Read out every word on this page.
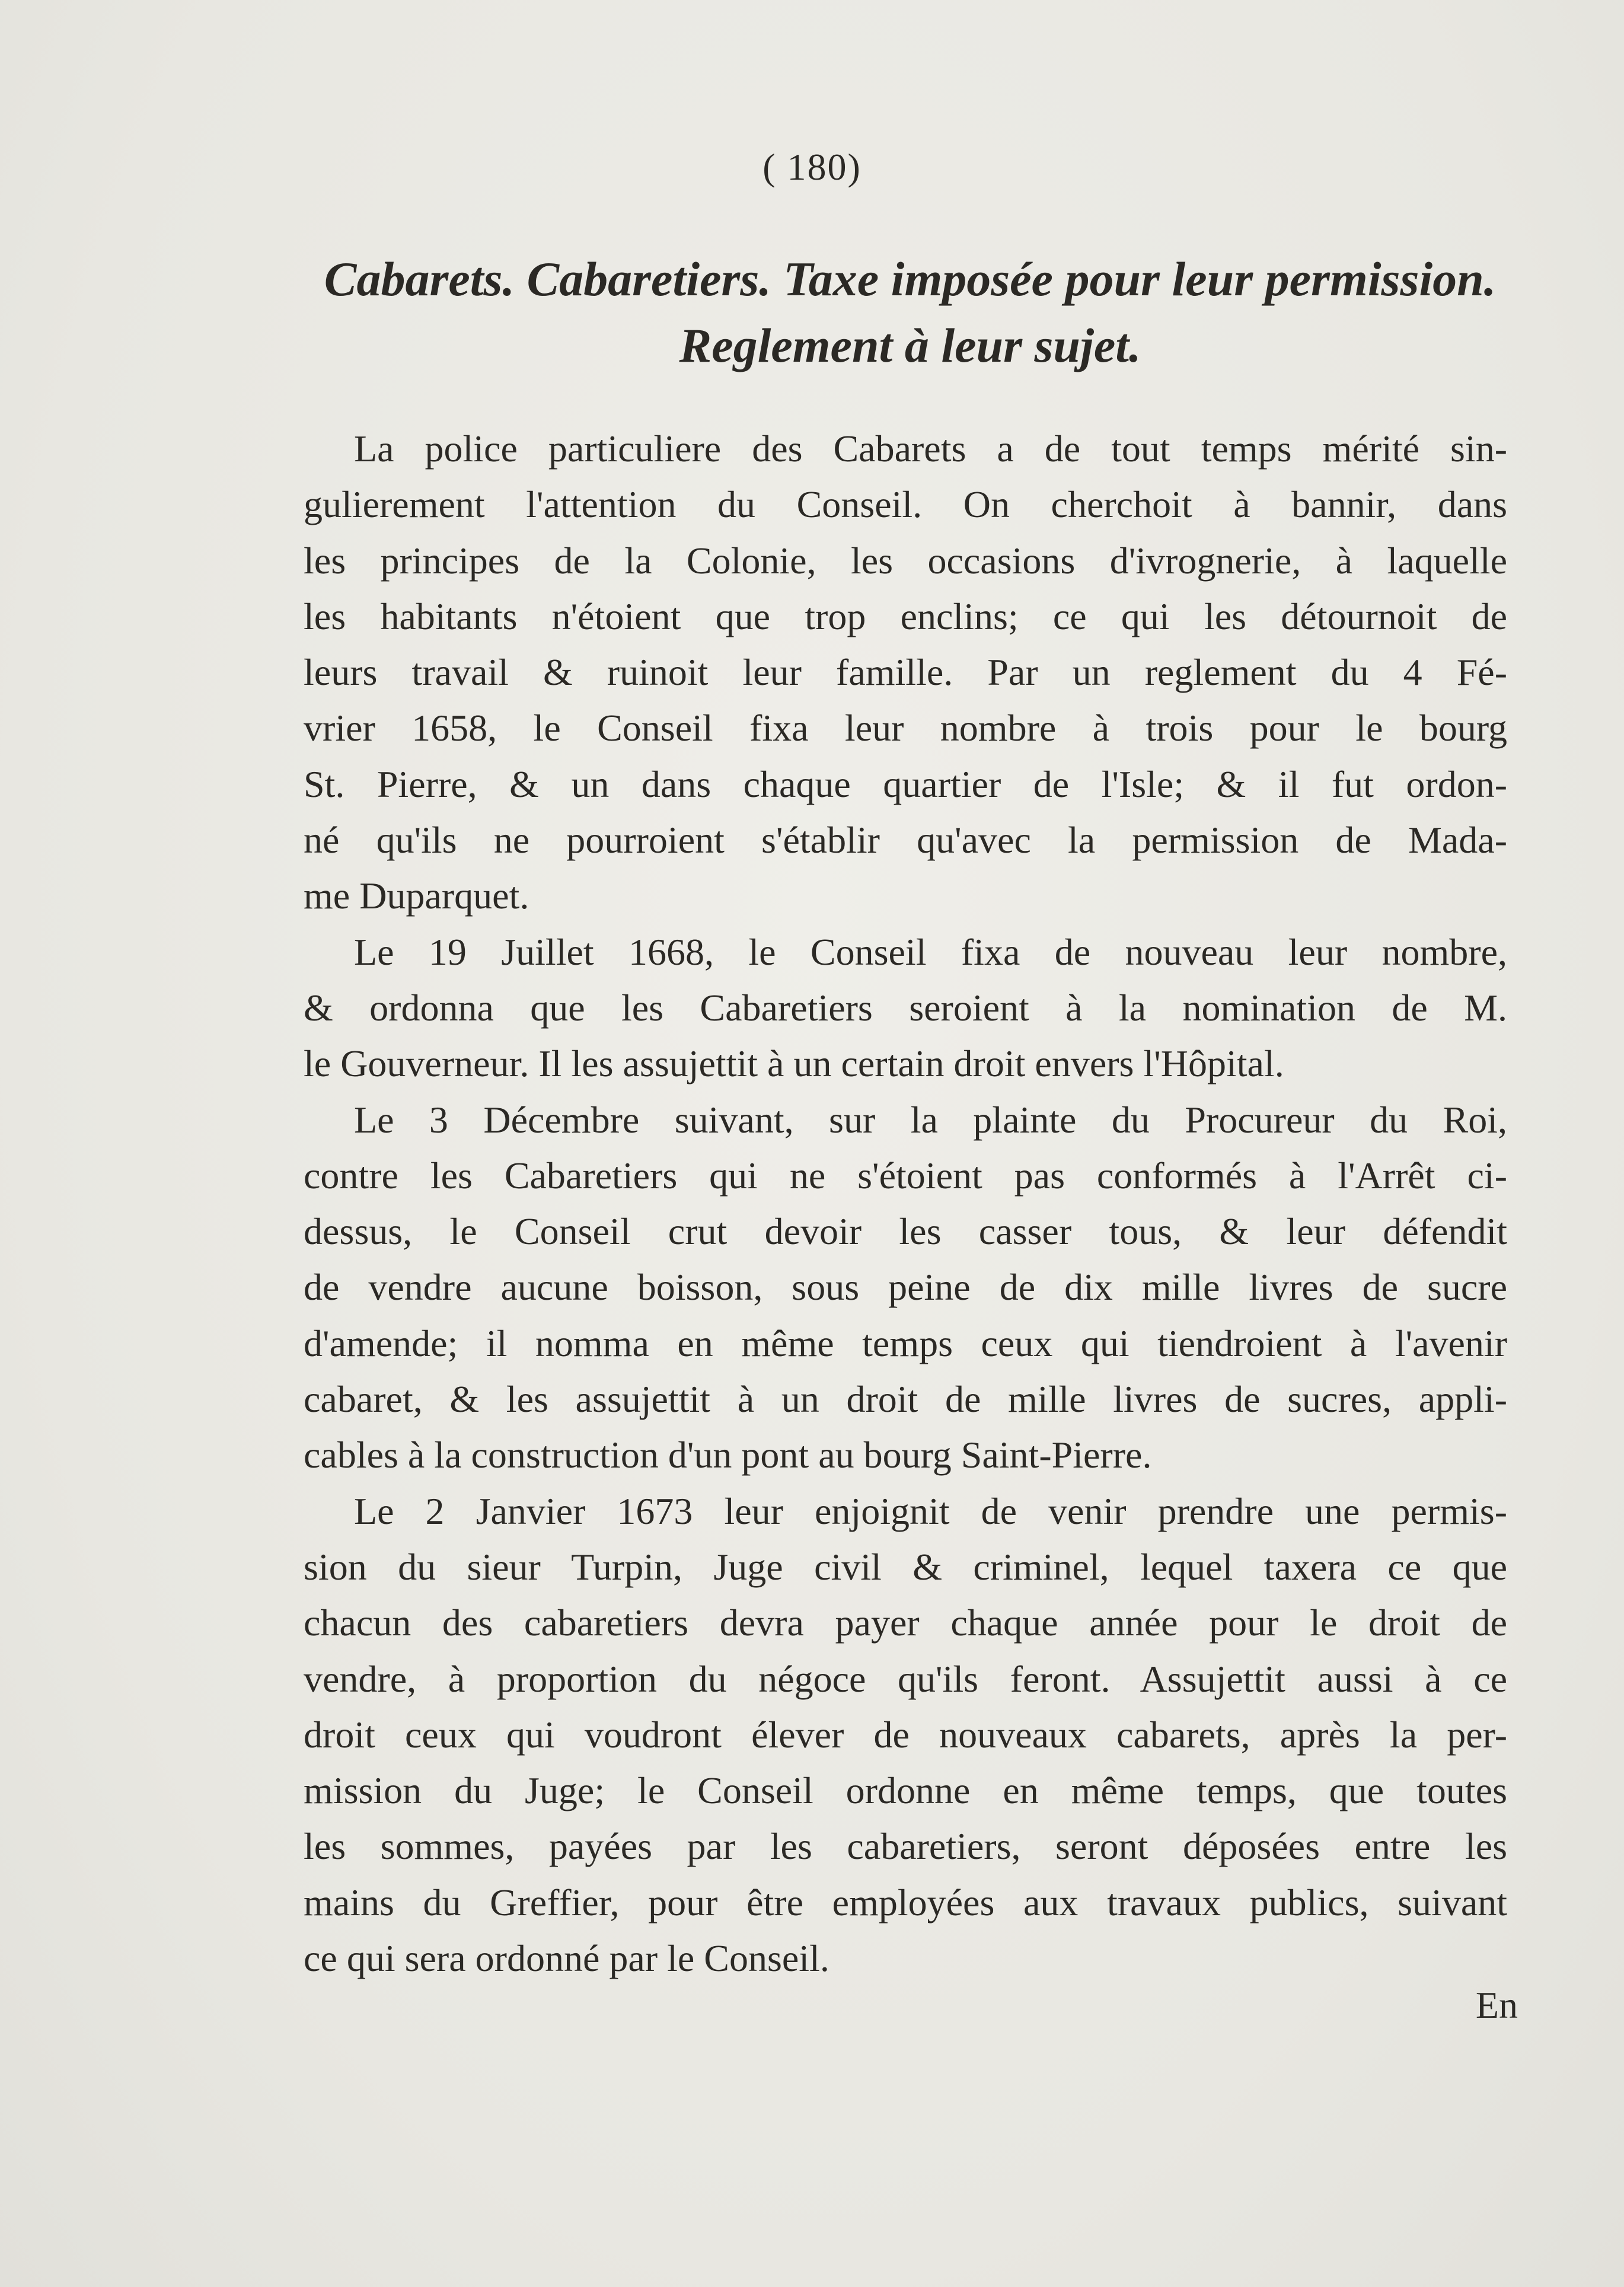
( 180)

Cabarets. Cabaretiers. Taxe imposée pour leur permission.
Reglement à leur sujet.
La police particuliere des Cabarets a de tout temps mérité sin-
gulierement l'attention du Conseil. On cherchoit à bannir, dans
les principes de la Colonie, les occasions d'ivrognerie, à laquelle
les habitants n'étoient que trop enclins; ce qui les détournoit de
leurs travail & ruinoit leur famille. Par un reglement du 4 Fé-
vrier 1658, le Conseil fixa leur nombre à trois pour le bourg
St. Pierre, & un dans chaque quartier de l'Isle; & il fut ordon-
né qu'ils ne pourroient s'établir qu'avec la permission de Mada-
me Duparquet.
Le 19 Juillet 1668, le Conseil fixa de nouveau leur nombre,
& ordonna que les Cabaretiers seroient à la nomination de M.
le Gouverneur. Il les assujettit à un certain droit envers l'Hôpital.
Le 3 Décembre suivant, sur la plainte du Procureur du Roi,
contre les Cabaretiers qui ne s'étoient pas conformés à l'Arrêt ci-
dessus, le Conseil crut devoir les casser tous, & leur défendit
de vendre aucune boisson, sous peine de dix mille livres de sucre
d'amende; il nomma en même temps ceux qui tiendroient à l'avenir
cabaret, & les assujettit à un droit de mille livres de sucres, appli-
cables à la construction d'un pont au bourg Saint-Pierre.
Le 2 Janvier 1673 leur enjoignit de venir prendre une permis-
sion du sieur Turpin, Juge civil & criminel, lequel taxera ce que
chacun des cabaretiers devra payer chaque année pour le droit de
vendre, à proportion du négoce qu'ils feront. Assujettit aussi à ce
droit ceux qui voudront élever de nouveaux cabarets, après la per-
mission du Juge; le Conseil ordonne en même temps, que toutes
les sommes, payées par les cabaretiers, seront déposées entre les
mains du Greffier, pour être employées aux travaux publics, suivant
ce qui sera ordonné par le Conseil.

En
